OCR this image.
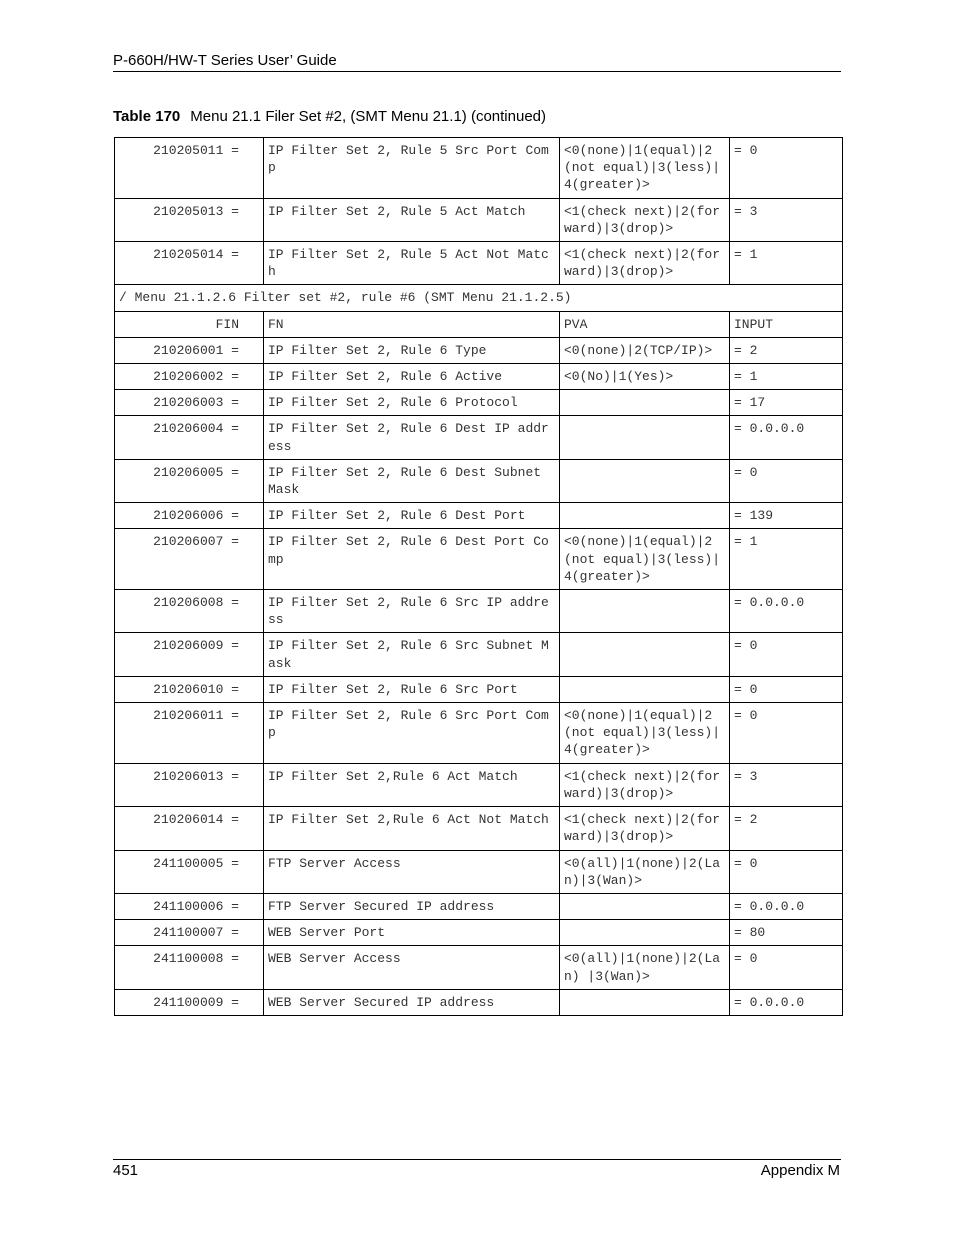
P-660H/HW-T Series User’ Guide
Table 170 Menu 21.1 Filer Set #2, (SMT Menu 21.1) (continued)
210205011 =	IP Filter Set 2, Rule 5 Src Port Comp	<0(none)|1(equal)|2(not equal)|3(less)|4(greater)>	= 0
210205013 =	IP Filter Set 2, Rule 5 Act Match	<1(check next)|2(forward)|3(drop)>	= 3
210205014 =	IP Filter Set 2, Rule 5 Act Not Match	<1(check next)|2(forward)|3(drop)>	= 1
/ Menu 21.1.2.6 Filter set #2, rule #6 (SMT Menu 21.1.2.5)			
FIN	FN	PVA	INPUT
210206001 =	IP Filter Set 2, Rule 6 Type	<0(none)|2(TCP/IP)>	= 2
210206002 =	IP Filter Set 2, Rule 6 Active	<0(No)|1(Yes)>	= 1
210206003 =	IP Filter Set 2, Rule 6 Protocol		= 17
210206004 =	IP Filter Set 2, Rule 6 Dest IP address		= 0.0.0.0
210206005 =	IP Filter Set 2, Rule 6 Dest Subnet Mask		= 0
210206006 =	IP Filter Set 2, Rule 6 Dest Port		= 139
210206007 =	IP Filter Set 2, Rule 6 Dest Port Comp	<0(none)|1(equal)|2(not equal)|3(less)|4(greater)>	= 1
210206008 =	IP Filter Set 2, Rule 6 Src IP address		= 0.0.0.0
210206009 =	IP Filter Set 2, Rule 6 Src Subnet Mask		= 0
210206010 =	IP Filter Set 2, Rule 6 Src Port		= 0
210206011 =	IP Filter Set 2, Rule 6 Src Port Comp	<0(none)|1(equal)|2(not equal)|3(less)|4(greater)>	= 0
210206013 =	IP Filter Set 2,Rule 6 Act Match	<1(check next)|2(forward)|3(drop)>	= 3
210206014 =	IP Filter Set 2,Rule 6 Act Not Match	<1(check next)|2(forward)|3(drop)>	= 2
241100005 =	FTP Server Access	<0(all)|1(none)|2(Lan)|3(Wan)>	= 0
241100006 =	FTP Server Secured IP address		= 0.0.0.0
241100007 =	WEB Server Port		= 80
241100008 =	WEB Server Access	<0(all)|1(none)|2(Lan) |3(Wan)>	= 0
241100009 =	WEB Server Secured IP address		= 0.0.0.0
451	Appendix M
